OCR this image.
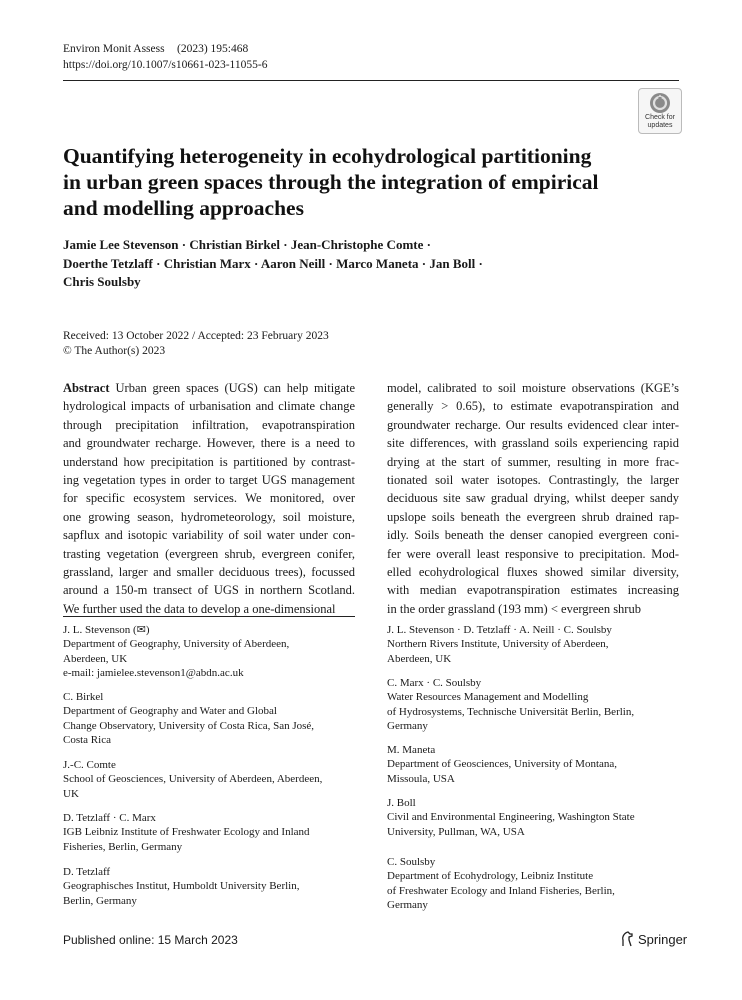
Environ Monit Assess (2023) 195:468
https://doi.org/10.1007/s10661-023-11055-6
Check for
updates
Quantifying heterogeneity in ecohydrological partitioning
in urban green spaces through the integration of empirical
and modelling approaches
Jamie Lee Stevenson · Christian Birkel · Jean-Christophe Comte ·
Doerthe Tetzlaff · Christian Marx · Aaron Neill · Marco Maneta · Jan Boll ·
Chris Soulsby
Received: 13 October 2022 / Accepted: 23 February 2023
© The Author(s) 2023
Abstract Urban green spaces (UGS) can help mitigate
hydrological impacts of urbanisation and climate change
through precipitation infiltration, evapotranspiration
and groundwater recharge. However, there is a need to
understand how precipitation is partitioned by contrast-
ing vegetation types in order to target UGS management
for specific ecosystem services. We monitored, over
one growing season, hydrometeorology, soil moisture,
sapflux and isotopic variability of soil water under con-
trasting vegetation (evergreen shrub, evergreen conifer,
grassland, larger and smaller deciduous trees), focussed
around a 150-m transect of UGS in northern Scotland.
We further used the data to develop a one-dimensional
model, calibrated to soil moisture observations (KGE’s
generally > 0.65), to estimate evapotranspiration and
groundwater recharge. Our results evidenced clear inter-
site differences, with grassland soils experiencing rapid
drying at the start of summer, resulting in more frac-
tionated soil water isotopes. Contrastingly, the larger
deciduous site saw gradual drying, whilst deeper sandy
upslope soils beneath the evergreen shrub drained rap-
idly. Soils beneath the denser canopied evergreen coni-
fer were overall least responsive to precipitation. Mod-
elled ecohydrological fluxes showed similar diversity,
with median evapotranspiration estimates increasing
in the order grassland (193 mm) < evergreen shrub
J. L. Stevenson (✉)
Department of Geography, University of Aberdeen,
Aberdeen, UK
e-mail: jamielee.stevenson1@abdn.ac.uk
C. Birkel
Department of Geography and Water and Global
Change Observatory, University of Costa Rica, San José,
Costa Rica
J.-C. Comte
School of Geosciences, University of Aberdeen, Aberdeen,
UK
D. Tetzlaff · C. Marx
IGB Leibniz Institute of Freshwater Ecology and Inland
Fisheries, Berlin, Germany
D. Tetzlaff
Geographisches Institut, Humboldt University Berlin,
Berlin, Germany
J. L. Stevenson · D. Tetzlaff · A. Neill · C. Soulsby
Northern Rivers Institute, University of Aberdeen,
Aberdeen, UK
C. Marx · C. Soulsby
Water Resources Management and Modelling
of Hydrosystems, Technische Universität Berlin, Berlin,
Germany
M. Maneta
Department of Geosciences, University of Montana,
Missoula, USA
J. Boll
Civil and Environmental Engineering, Washington State
University, Pullman, WA, USA
C. Soulsby
Department of Ecohydrology, Leibniz Institute
of Freshwater Ecology and Inland Fisheries, Berlin,
Germany
Published online: 15 March 2023	Springer
